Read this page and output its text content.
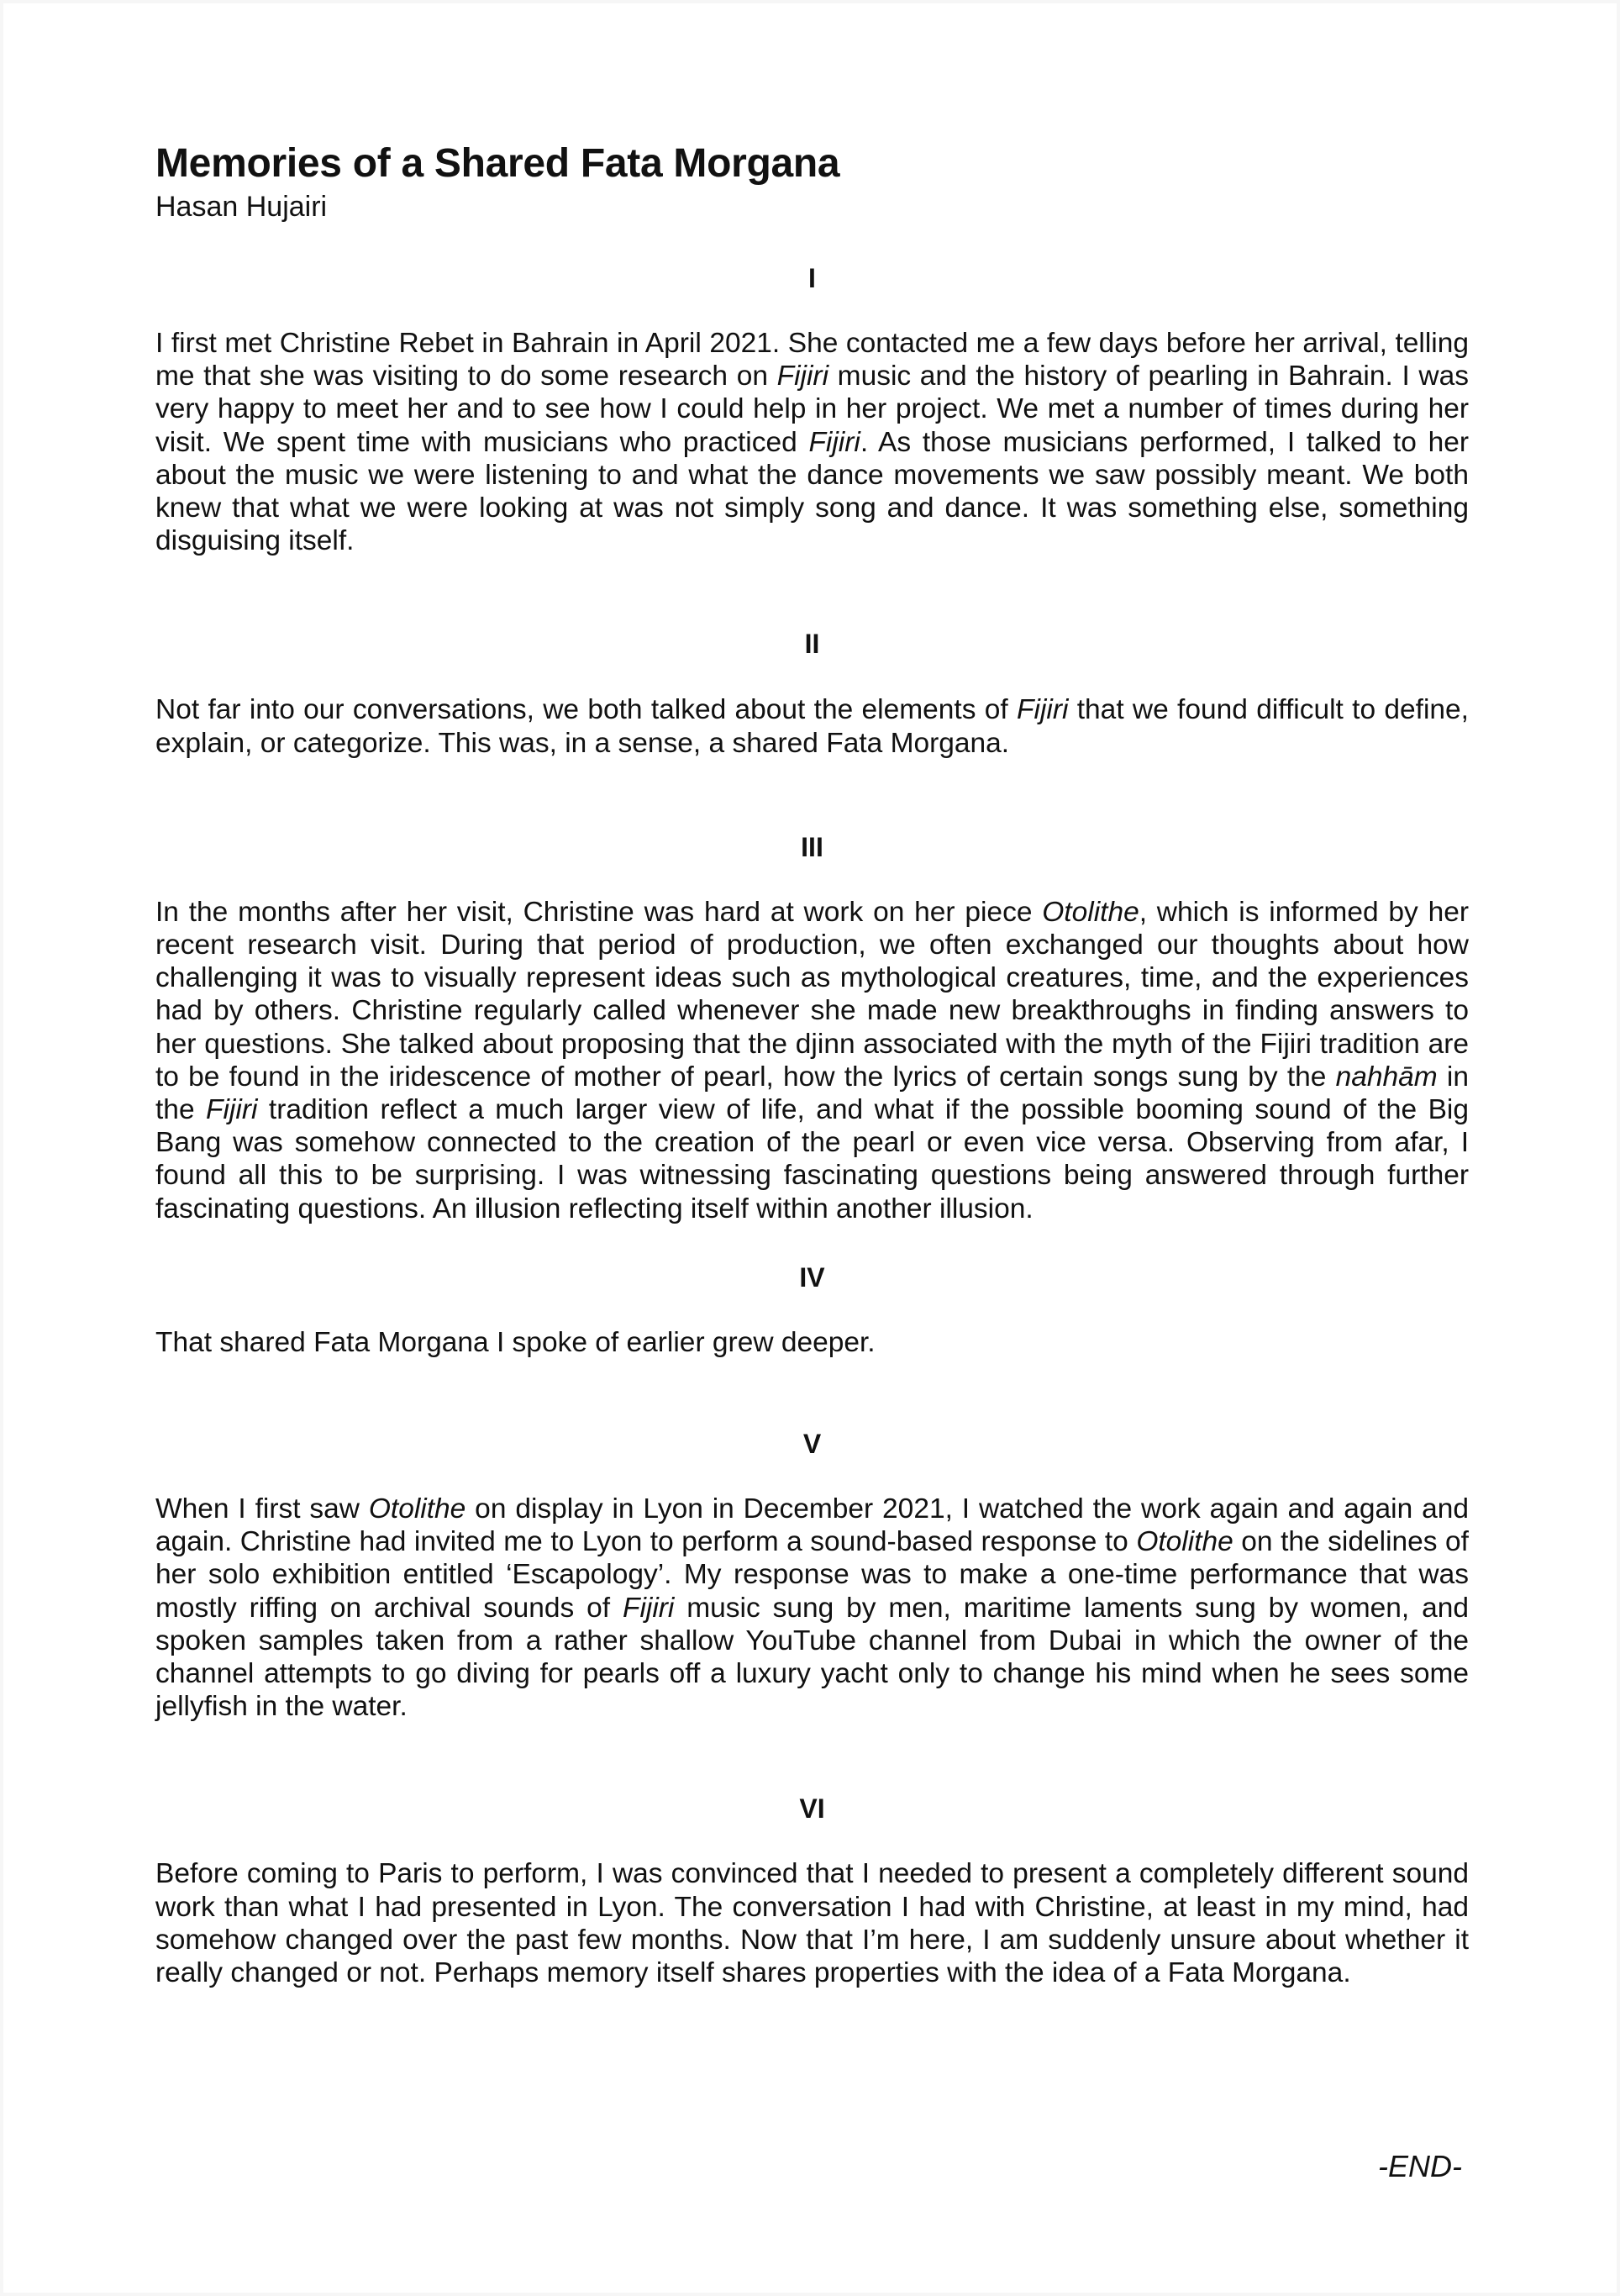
Memories of a Shared Fata Morgana

Hasan Hujairi

I

I first met Christine Rebet in Bahrain in April 2021. She contacted me a few days before her arrival, telling me that she was visiting to do some research on Fijiri music and the history of pearling in Bahrain. I was very happy to meet her and to see how I could help in her project. We met a number of times during her visit. We spent time with musicians who practiced Fijiri. As those musicians performed, I talked to her about the music we were listening to and what the dance movements we saw possibly meant. We both knew that what we were looking at was not simply song and dance. It was something else, something disguising itself.

II

Not far into our conversations, we both talked about the elements of Fijiri that we found difficult to define, explain, or categorize. This was, in a sense, a shared Fata Morgana.

III

In the months after her visit, Christine was hard at work on her piece Otolithe, which is informed by her recent research visit. During that period of production, we often exchanged our thoughts about how challenging it was to visually represent ideas such as mythological creatures, time, and the experiences had by others. Christine regularly called whenever she made new breakthroughs in finding answers to her questions. She talked about proposing that the djinn associated with the myth of the Fijiri tradition are to be found in the iridescence of mother of pearl, how the lyrics of certain songs sung by the nahhām in the Fijiri tradition reflect a much larger view of life, and what if the possible booming sound of the Big Bang was somehow connected to the creation of the pearl or even vice versa. Observing from afar, I found all this to be surprising. I was witnessing fascinating questions being answered through further fascinating questions. An illusion reflecting itself within another illusion.

IV

That shared Fata Morgana I spoke of earlier grew deeper.

V

When I first saw Otolithe on display in Lyon in December 2021, I watched the work again and again and again. Christine had invited me to Lyon to perform a sound-based response to Otolithe on the sidelines of her solo exhibition entitled ‘Escapology’. My response was to make a one-time performance that was mostly riffing on archival sounds of Fijiri music sung by men, maritime laments sung by women, and spoken samples taken from a rather shallow YouTube channel from Dubai in which the owner of the channel attempts to go diving for pearls off a luxury yacht only to change his mind when he sees some jellyfish in the water.

VI

Before coming to Paris to perform, I was convinced that I needed to present a completely different sound work than what I had presented in Lyon. The conversation I had with Christine, at least in my mind, had somehow changed over the past few months. Now that I’m here, I am suddenly unsure about whether it really changed or not. Perhaps memory itself shares properties with the idea of a Fata Morgana.

-END-
